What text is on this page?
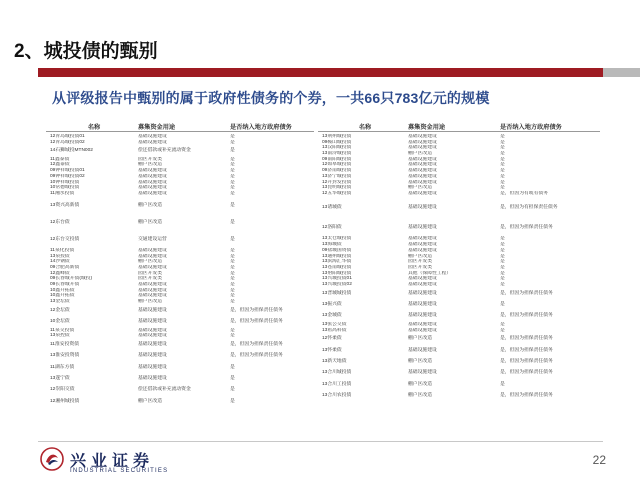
2、城投债的甄别
从评级报告中甄别的属于政府性债务的个券，一共66只783亿元的规模
名称	募集资金用途	是否纳入地方政府债务
12青岛城投债01	基础设施建设	是
12青岛城投债02	基础设施建设	是
14石狮城投MTN002	偿还借款或补充流动资金	是
11鑫泰债	园区开发类	是
12鑫泰债	棚户区改造	是
09钟祥城投债01	基础设施建设	是
09钟祥城投债02	基础设施建设	是
10钟祥城投债	基础设施建设	是
10常德城投债	基础设施建设	是
11湘水投债	基础设施建设	是
13资兴高新债	棚户区改造	是
12东台债	棚户区改造	是
12东台交投债	交通建设运营	是
11泉化投债	基础设施建设	是
13泉投债	基础设施建设	是
14沙钢债	棚户区改造	是
09合肥高新债	基础设施建设	是
12鑫峰债	园区开发类	是
09长春城开债(城投)	园区开发类	是
09长春城开债	基础设施建设	是
10鑫开拓债	基础设施建设	是
10鑫开拓债	基础设施建设	是
13金坛债	棚户区改造	是
12金坛债	基础设施建设	是，但因为担保责任债务
10金坛债	基础设施建设	是，但因为担保责任债务
11泉交投债	基础设施建设	是
13泉控债	基础设施建设	是
11淮安投资债	基础设施建设	是，但因为担保责任债务
13淮安投资债	基础设施建设	是，但因为担保责任债务
11湖东方债	基础设施建设	是
13遂宁债	基础设施建设	是
12崇阳交债	偿还借款或补充流动资金	是
12湘州城投债	棚户区改造	是
名称	募集资金用途	是否纳入地方政府债务
13荆州城投债	基础设施建设	是
09鞍山城投债	基础设施建设	是
13汉阳城投债	基础设施建设	是
13南浔城投债	棚户区改造	是
09南阳城投债	基础设施建设	是
12如皋城投债	基础设施建设	是
09济南城投债	基础设施建设	是
13济宁城投债	基础设施建设	是
12开封发投债	基础设施建设	是
13昆明城投债	棚户区改造	是
12五华城投债	基础设施建设	是，但因为有或有债务
13诸城债	基础设施建设	是，但因为有担保责任债务
12洛阳债	基础设施建设	是，但因为担保责任债务
13太仓城投债	基础设施建设	是
13海城债	基础设施建设	是
09盐城国资债	基础设施建设	是
13通州城投债	棚户区改造	是
13滨海汇华债	园区开发类	是
13苍南城投债	园区开发类	是
13射阳城投债	其他（保障性工程）	是
13兴城投债01	基础设施建设	是
13兴城投债02	基础设施建设	是
13晋城城投债	基础设施建设	是，但因为担保责任债务
13振兴债	基础设施建设	是
13金城债	基础设施建设	是，但因为担保责任债务
13张公交债	基础设施建设	是
13希高科债	基础设施建设	是
12怀柔债	棚户区改造	是，但因为担保责任债务
13怀柔债	基础设施建设	是，但因为担保责任债务
13新天地债	棚户区改造	是，但因为担保责任债务
13合川城投债	基础设施建设	是，但因为担保责任债务
13合川工投债	棚户区改造	是
13合川农投债	棚户区改造	是，但因为担保责任债务
兴业证券
INDUSTRIAL SECURITIES
22
